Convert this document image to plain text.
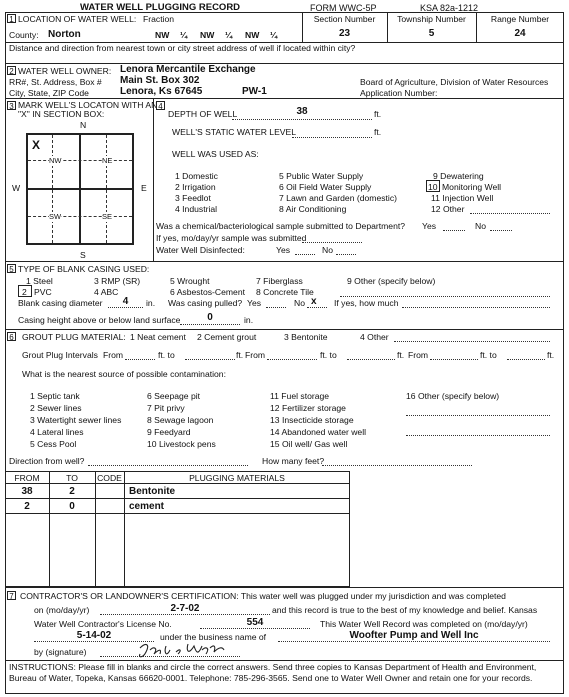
WATER WELL PLUGGING RECORD	FORM WWC-5P	KSA 82a-1212
1 LOCATION OF WATER WELL: Fraction	Section Number	Township Number	Range Number
County: Norton	NW ¼ NW ¼ NW ¼	23	5	24
Distance and direction from nearest town or city street address of well if located within city?
2 WATER WELL OWNER: Lenora Mercantile Exchange
RR#, St. Address, Box # Main St. Box 302	Board of Agriculture, Division of Water Resources
City, State, ZIP Code	Lenora, Ks 67645	PW-1	Application Number:
3 MARK WELL'S LOCATON WITH AN
"X" IN SECTION BOX:
N
S
W	E
X
NW	NE
SW	SE
4
DEPTH OF WELL	38	ft.
WELL'S STATIC WATER LEVEL	ft.
WELL WAS USED AS:
1 Domestic
2 Irrigation
3 Feedlot
4 Industrial
5 Public Water Supply
6 Oil Field Water Supply
7 Lawn and Garden (domestic)
8 Air Conditioning
9 Dewatering
10 Monitoring Well
11 Injection Well
12 Other
Was a chemical/bacteriological sample submitted to Department? Yes	No
If yes, mo/day/yr sample was submitted
Water Well Disinfected:	Yes	No
5 TYPE OF BLANK CASING USED:
1 Steel	3 RMP (SR)	5 Wrought	7 Fiberglass	9 Other (specify below)
2 PVC	4 ABC	6 Asbestos-Cement 8 Concrete Tile
Blank casing diameter	4	in. Was casing pulled? Yes	No x If yes, how much
Casing height above or below land surface	0	in.
6 GROUT PLUG MATERIAL: 1 Neat cement 2 Cement grout	3 Bentonite	4 Other
Grout Plug Intervals From	ft. to	ft. From	ft. to	ft. From	ft. to	ft.
What is the nearest source of possible contamination:
1 Septic tank
2 Sewer lines
3 Watertight sewer lines
4 Lateral lines
5 Cess Pool
6 Seepage pit
7 Pit privy
8 Sewage lagoon
9 Feedyard
10 Livestock pens
11 Fuel storage
12 Fertilizer storage
13 Insecticide storage
14 Abandoned water well
15 Oil well/ Gas well
16 Other (specify below)
Direction from well?	How many feet?
FROM	TO	CODE	PLUGGING MATERIALS
38	2	Bentonite
2	0	cement
7 CONTRACTOR'S OR LANDOWNER'S CERTIFICATION: This water well was plugged under my jurisdiction and was completed
on (mo/day/yr)	2-7-02	and this record is true to the best of my knowledge and belief. Kansas
Water Well Contractor's License No.	554	This Water Well Record was completed on (mo/day/yr)
5-14-02	under the business name of	Woofter Pump and Well Inc
by (signature)
INSTRUCTIONS: Please fill in blanks and circle the correct answers. Send three copies to Kansas Department of Health and Environment, Bureau of Water, Topeka, Kansas 66620-0001. Telephone: 785-296-3565. Send one to Water Well Owner and retain one for your records.
